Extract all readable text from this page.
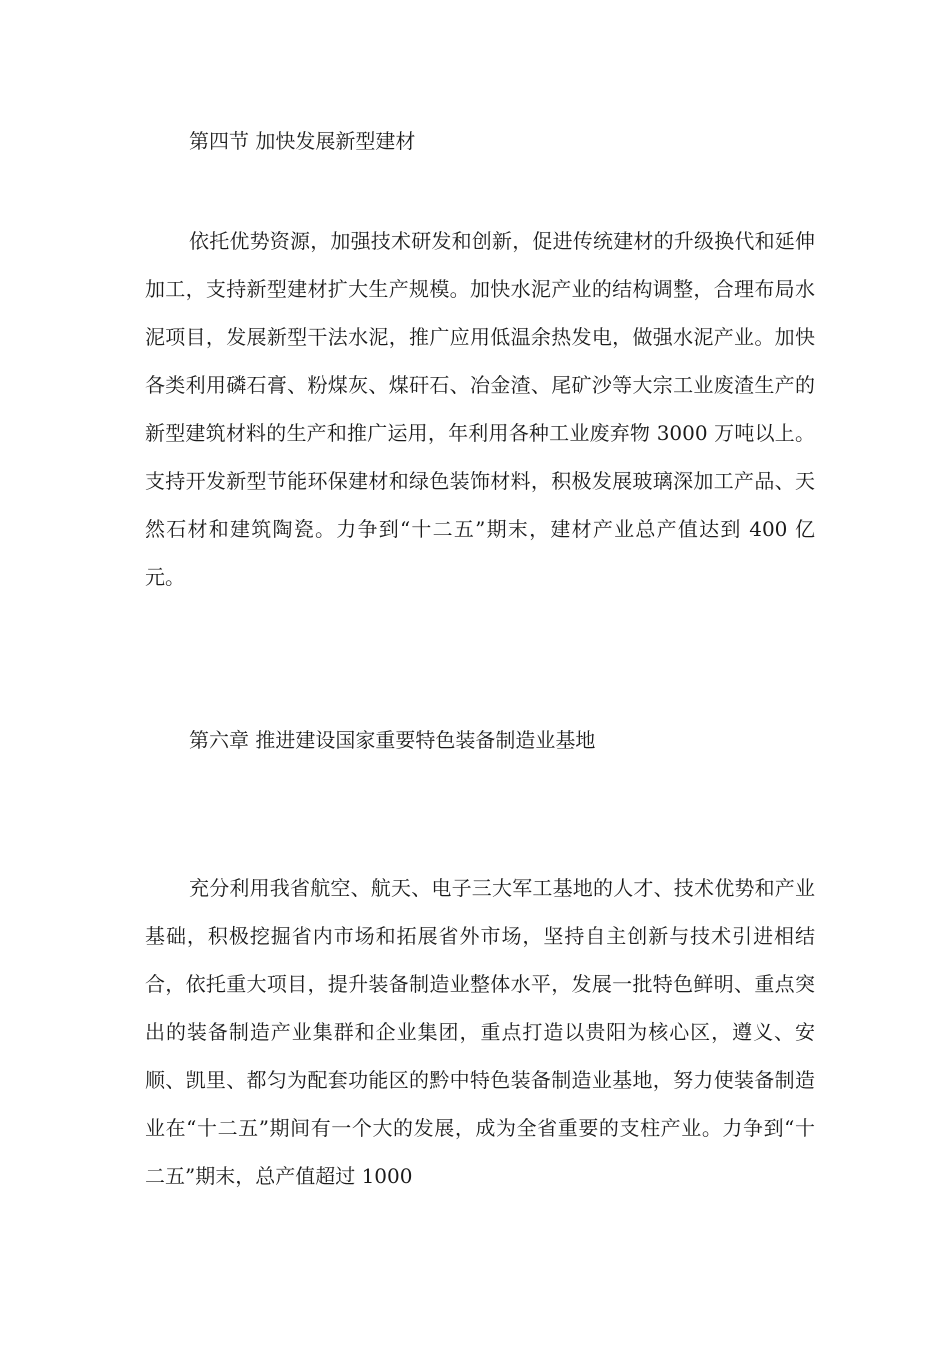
第四节 加快发展新型建材
依托优势资源，加强技术研发和创新，促进传统建材的升级换代和延伸加工，支持新型建材扩大生产规模。加快水泥产业的结构调整，合理布局水泥项目，发展新型干法水泥，推广应用低温余热发电，做强水泥产业。加快各类利用磷石膏、粉煤灰、煤矸石、冶金渣、尾矿沙等大宗工业废渣生产的新型建筑材料的生产和推广运用，年利用各种工业废弃物 3000 万吨以上。支持开发新型节能环保建材和绿色装饰材料，积极发展玻璃深加工产品、天然石材和建筑陶瓷。力争到“十二五”期末，建材产业总产值达到 400 亿元。
第六章 推进建设国家重要特色装备制造业基地
充分利用我省航空、航天、电子三大军工基地的人才、技术优势和产业基础，积极挖掘省内市场和拓展省外市场，坚持自主创新与技术引进相结合，依托重大项目，提升装备制造业整体水平，发展一批特色鲜明、重点突出的装备制造产业集群和企业集团，重点打造以贵阳为核心区，遵义、安顺、凯里、都匀为配套功能区的黔中特色装备制造业基地，努力使装备制造业在“十二五”期间有一个大的发展，成为全省重要的支柱产业。力争到“十二五”期末，总产值超过 1000
